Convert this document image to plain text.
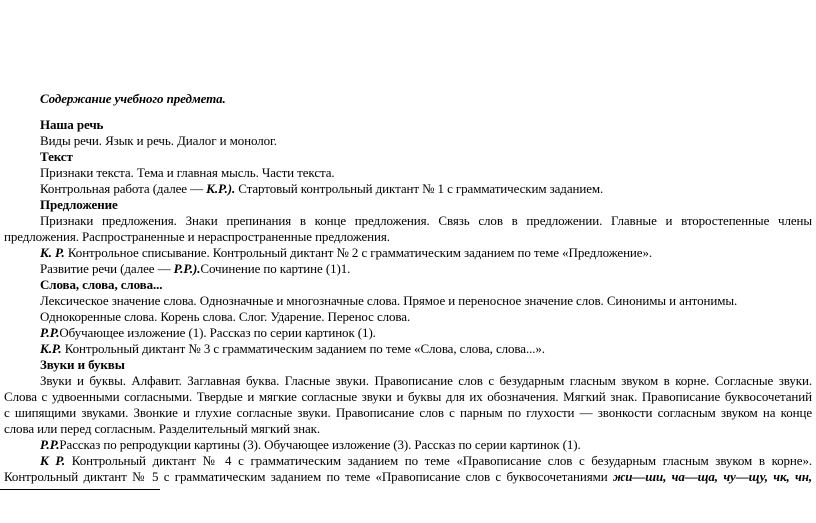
Содержание учебного предмета.
Наша речь
Виды речи. Язык и речь. Диалог и монолог.
Текст
Признаки текста. Тема и главная мысль. Части текста.
Контрольная работа (далее — К.Р.). Стартовый контрольный диктант № 1 с грамматическим заданием.
Предложение
Признаки предложения. Знаки препинания в конце предложения. Связь слов в предложении. Главные и второстепенные члены
предложения. Распространенные и нераспространенные предложения.
К. Р. Контрольное списывание. Контрольный диктант № 2 с грамматическим заданием по теме «Предложение».
Развитие речи (далее — Р.Р.).Сочинение по картине (1)1.
Слова, слова, слова...
Лексическое значение слова. Однозначные и многозначные слова. Прямое и переносное значение слов. Синонимы и антонимы.
Однокоренные слова. Корень слова. Слог. Ударение. Перенос слова.
Р.Р.Обучающее изложение (1). Рассказ по серии картинок (1).
К.Р. Контрольный диктант № 3 с грамматическим заданием по теме «Слова, слова, слова...».
Звуки и буквы
Звуки и буквы. Алфавит. Заглавная буква. Гласные звуки. Правописание слов с безударным гласным звуком в корне. Согласные звуки.
Слова с удвоенными согласными. Твердые и мягкие согласные звуки и буквы для их обозначения. Мягкий знак. Правописание буквосочетаний
с шипящими звуками. Звонкие и глухие согласные звуки. Правописание слов с парным по глухости — звонкости согласным звуком на конце
слова или перед согласным. Разделительный мягкий знак.
Р.Р.Рассказ по репродукции картины (3). Обучающее изложение (3). Рассказ по серии картинок (1).
К Р. Контрольный диктант № 4 с грамматическим заданием по теме «Правописание слов с безударным гласным звуком в корне».
Контрольный диктант № 5 с грамматическим заданием по теме «Правописание слов с буквосочетаниями жи—ши, ча—ща, чу—щу, чк, чн,
